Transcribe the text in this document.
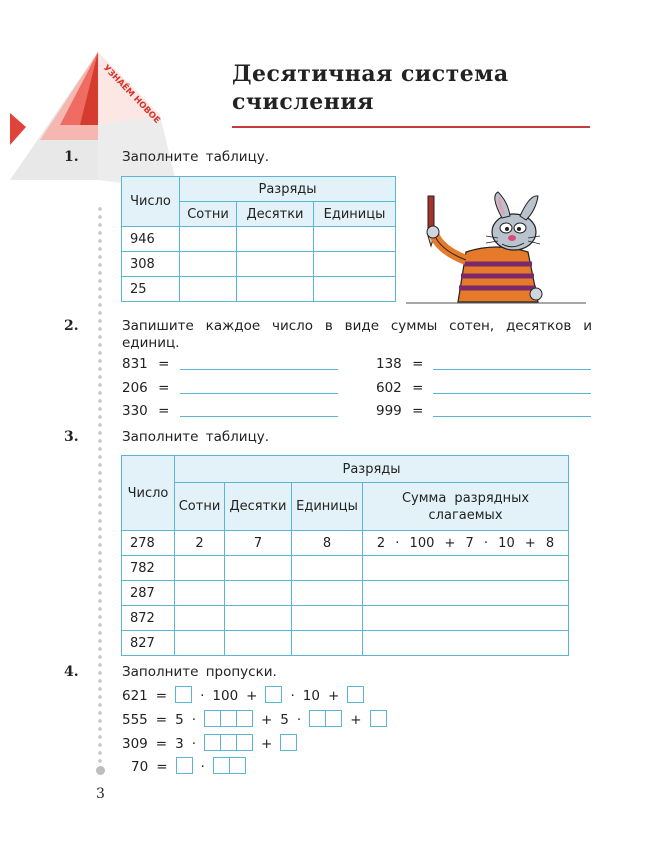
УЗНАЁМ НОВОЕ	Десятичная система
счисления
1.	Заполните таблицу.
Число	Разряды		
	Сотни	Десятки	Единицы
946			
308			
25			
2.	Запишите каждое число в виде суммы сотен, десятков и единиц.
831 =
206 =
330 =
138 =
602 =
999 =
3.	Заполните таблицу.
Число	Разряды			
	Сотни	Десятки	Единицы	Сумма разрядных слагаемых
278	2	7	8	2 · 100 + 7 · 10 + 8
782				
287				
872				
827				
4.	Заполните пропуски.
621 = · 100 + · 10 +
555 = 5 ·	+ 5 ·	+
309 = 3 ·	+
70 = ·
3
